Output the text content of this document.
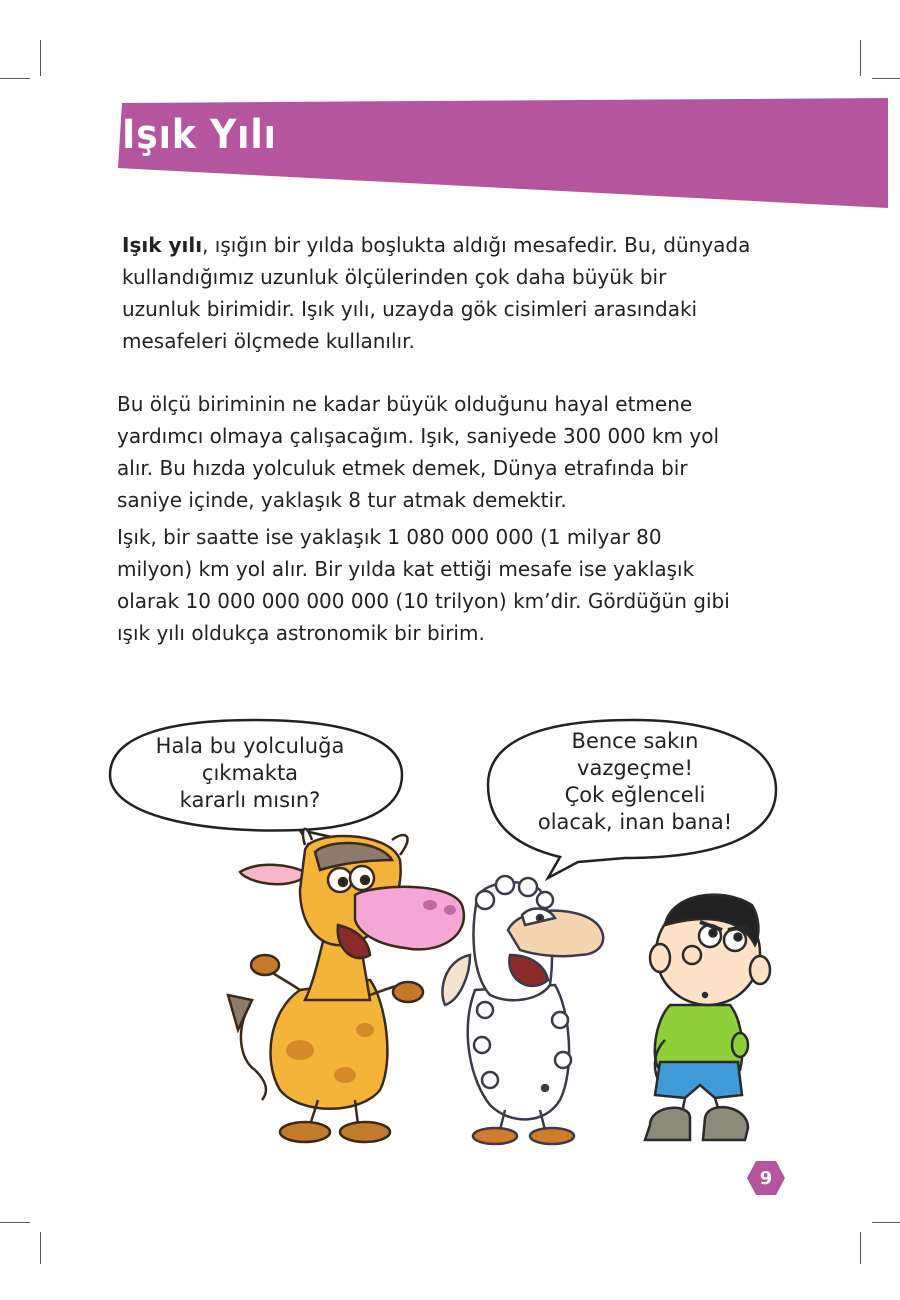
Işık Yılı

Işık yılı, ışığın bir yılda boşlukta aldığı mesafedir. Bu, dünyada
kullandığımız uzunluk ölçülerinden çok daha büyük bir
uzunluk birimidir. Işık yılı, uzayda gök cisimleri arasındaki
mesafeleri ölçmede kullanılır.

Bu ölçü biriminin ne kadar büyük olduğunu hayal etmene
yardımcı olmaya çalışacağım. Işık, saniyede 300 000 km yol
alır. Bu hızda yolculuk etmek demek, Dünya etrafında bir
saniye içinde, yaklaşık 8 tur atmak demektir.

Işık, bir saatte ise yaklaşık 1 080 000 000 (1 milyar 80
milyon) km yol alır. Bir yılda kat ettiği mesafe ise yaklaşık
olarak 10 000 000 000 000 (10 trilyon) km’dir. Gördüğün gibi
ışık yılı oldukça astronomik bir birim.

Hala bu yolculuğa
çıkmakta
kararlı mısın?
Bence sakın
vazgeçme!
Çok eğlenceli
olacak, inan bana!
9
